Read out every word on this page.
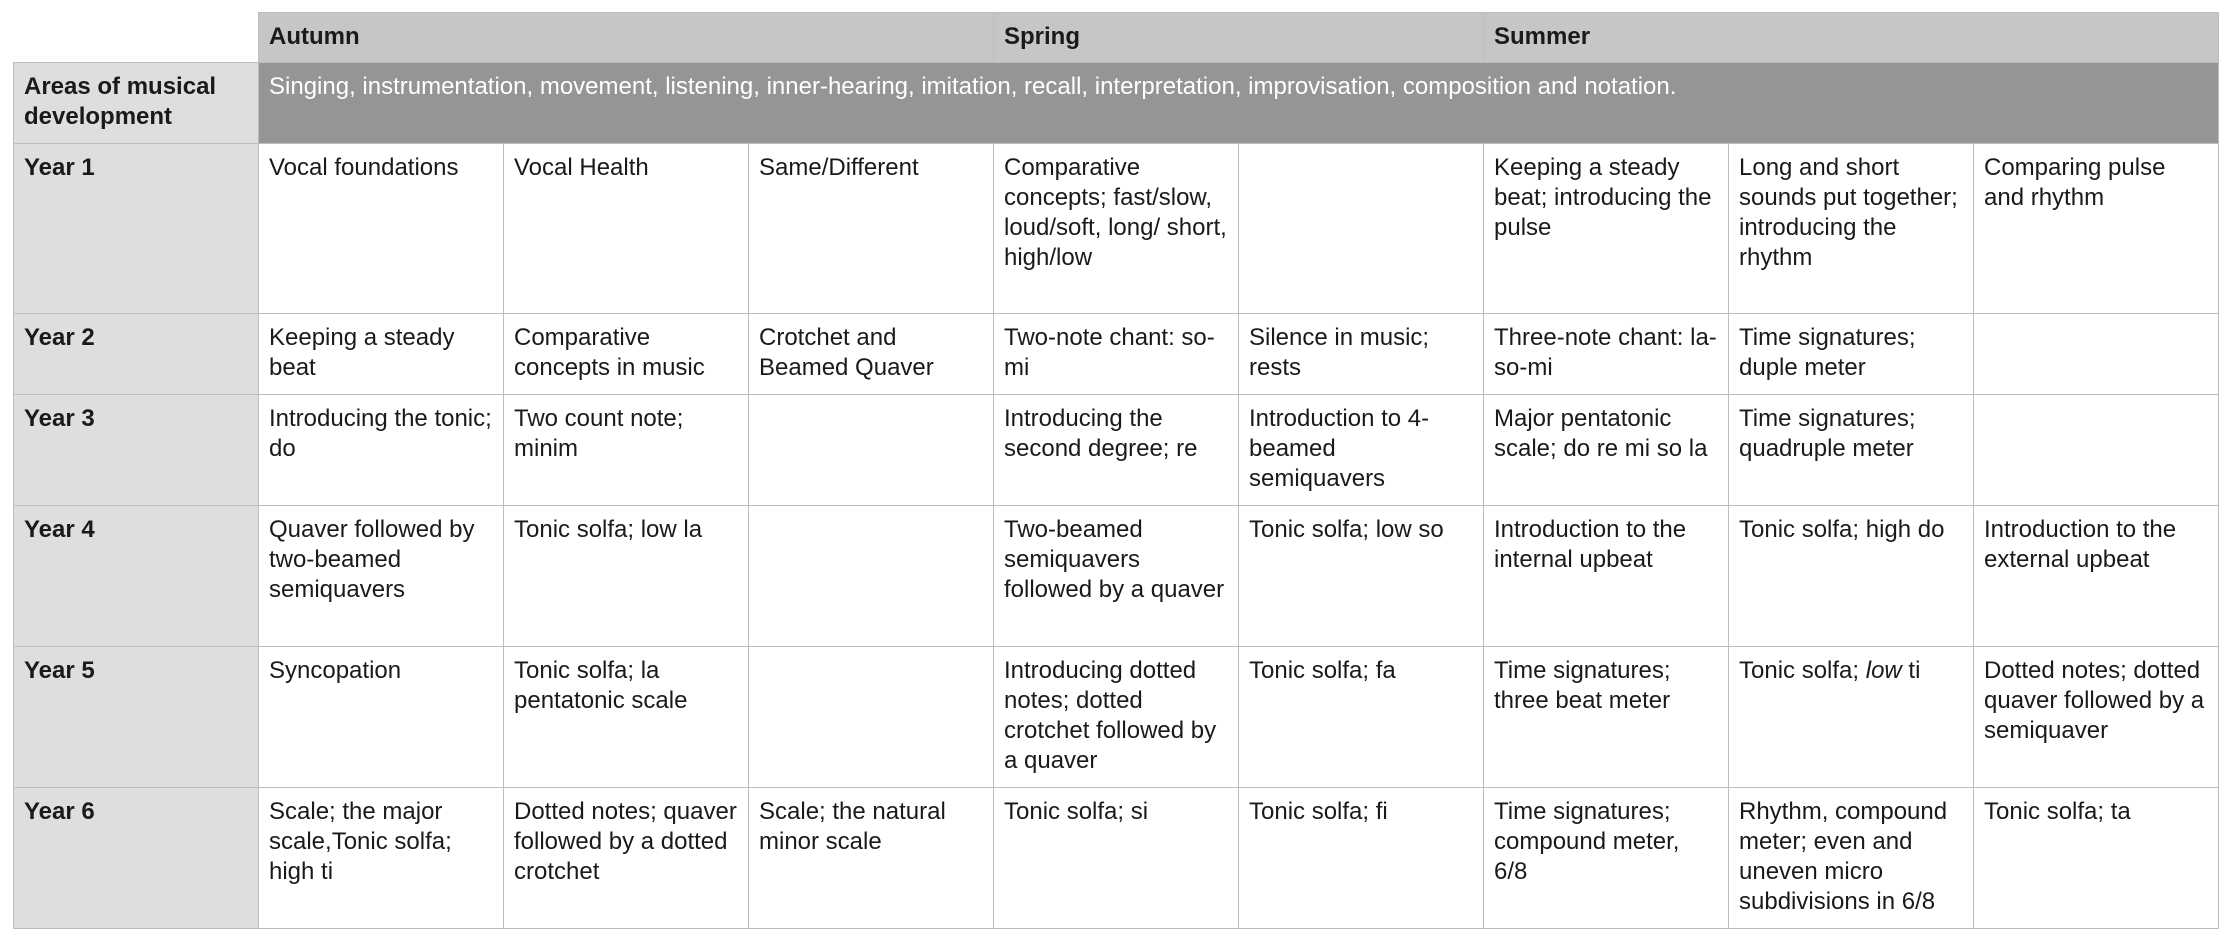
	Autumn			Spring		Summer		
Areas of musical development	Singing, instrumentation, movement, listening, inner-hearing, imitation, recall, interpretation, improvisation, composition and notation.							
Year 1	Vocal foundations	Vocal Health	Same/Different	Comparative concepts; fast/slow, loud/soft, long/ short, high/low		Keeping a steady beat; introducing the pulse	Long and short sounds put together; introducing the rhythm	Comparing pulse and rhythm
Year 2	Keeping a steady beat	Comparative concepts in music	Crotchet and Beamed Quaver	Two-note chant: so-mi	Silence in music; rests	Three-note chant: la-so-mi	Time signatures; duple meter	
Year 3	Introducing the tonic; do	Two count note; minim		Introducing the second degree; re	Introduction to 4-beamed semiquavers	Major pentatonic scale; do re mi so la	Time signatures; quadruple meter	
Year 4	Quaver followed by two-beamed semiquavers	Tonic solfa; low la		Two-beamed semiquavers followed by a quaver	Tonic solfa; low so	Introduction to the internal upbeat	Tonic solfa; high do	Introduction to the external upbeat
Year 5	Syncopation	Tonic solfa; la pentatonic scale		Introducing dotted notes; dotted crotchet followed by a quaver	Tonic solfa; fa	Time signatures; three beat meter	Tonic solfa; low ti	Dotted notes; dotted quaver followed by a semiquaver
Year 6	Scale; the major scale,Tonic solfa; high ti	Dotted notes; quaver followed by a dotted crotchet	Scale; the natural minor scale	Tonic solfa; si	Tonic solfa; fi	Time signatures; compound meter, 6/8	Rhythm, compound meter; even and uneven micro subdivisions in 6/8	Tonic solfa; ta
